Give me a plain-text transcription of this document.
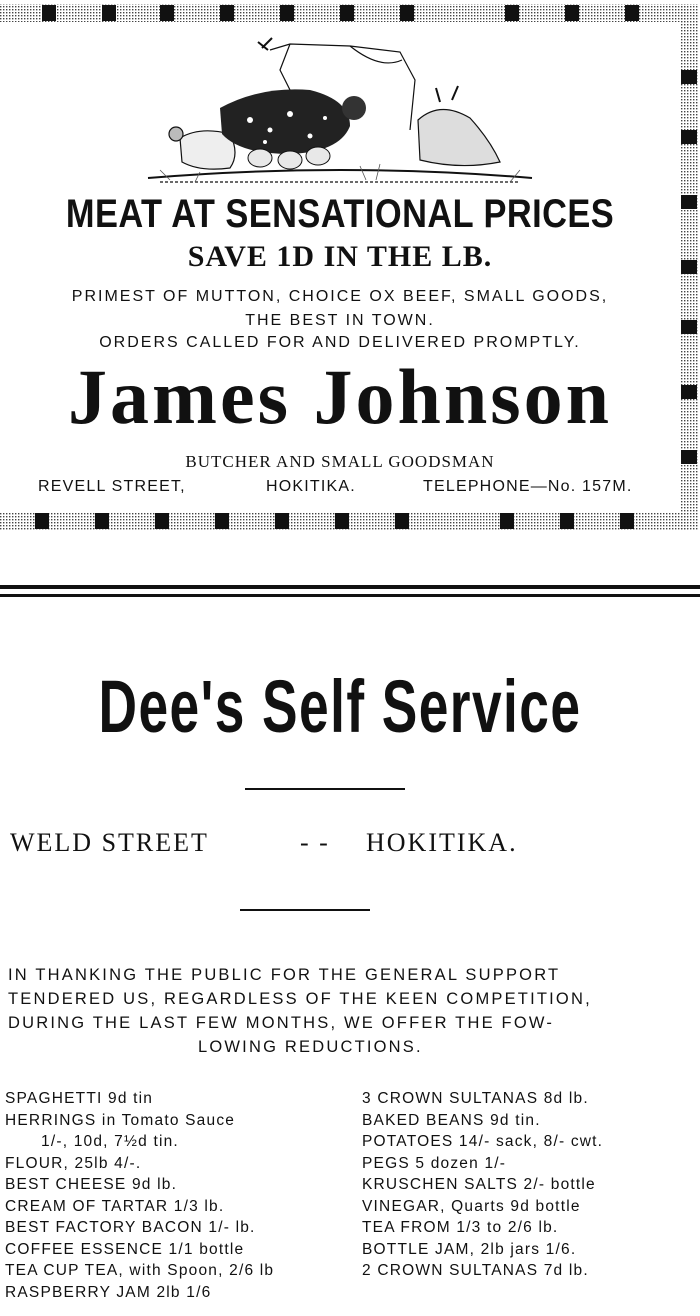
MEAT AT SENSATIONAL PRICES
SAVE 1D IN THE LB.
PRIMEST OF MUTTON, CHOICE OX BEEF, SMALL GOODS,
THE BEST IN TOWN.
ORDERS CALLED FOR AND DELIVERED PROMPTLY.
James Johnson
BUTCHER AND SMALL GOODSMAN
REVELL STREET,	HOKITIKA.	TELEPHONE—No. 157M.
Dee's Self Service
WELD STREET	- - HOKITIKA.
IN THANKING THE PUBLIC FOR THE GENERAL SUPPORT
TENDERED US, REGARDLESS OF THE KEEN COMPETITION,
DURING THE LAST FEW MONTHS, WE OFFER THE FOW-
LOWING REDUCTIONS.
SPAGHETTI 9d tin
HERRINGS in Tomato Sauce
1/-, 10d, 7½d tin.
FLOUR, 25lb 4/-.
BEST CHEESE 9d lb.
CREAM OF TARTAR 1/3 lb.
BEST FACTORY BACON 1/- lb.
COFFEE ESSENCE 1/1 bottle
TEA CUP TEA, with Spoon, 2/6 lb
RASPBERRY JAM 2lb 1/6
3 CROWN SULTANAS 8d lb.
BAKED BEANS 9d tin.
POTATOES 14/- sack, 8/- cwt.
PEGS 5 dozen 1/-
KRUSCHEN SALTS 2/- bottle
VINEGAR, Quarts 9d bottle
TEA FROM 1/3 to 2/6 lb.
BOTTLE JAM, 2lb jars 1/6.
2 CROWN SULTANAS 7d lb.
